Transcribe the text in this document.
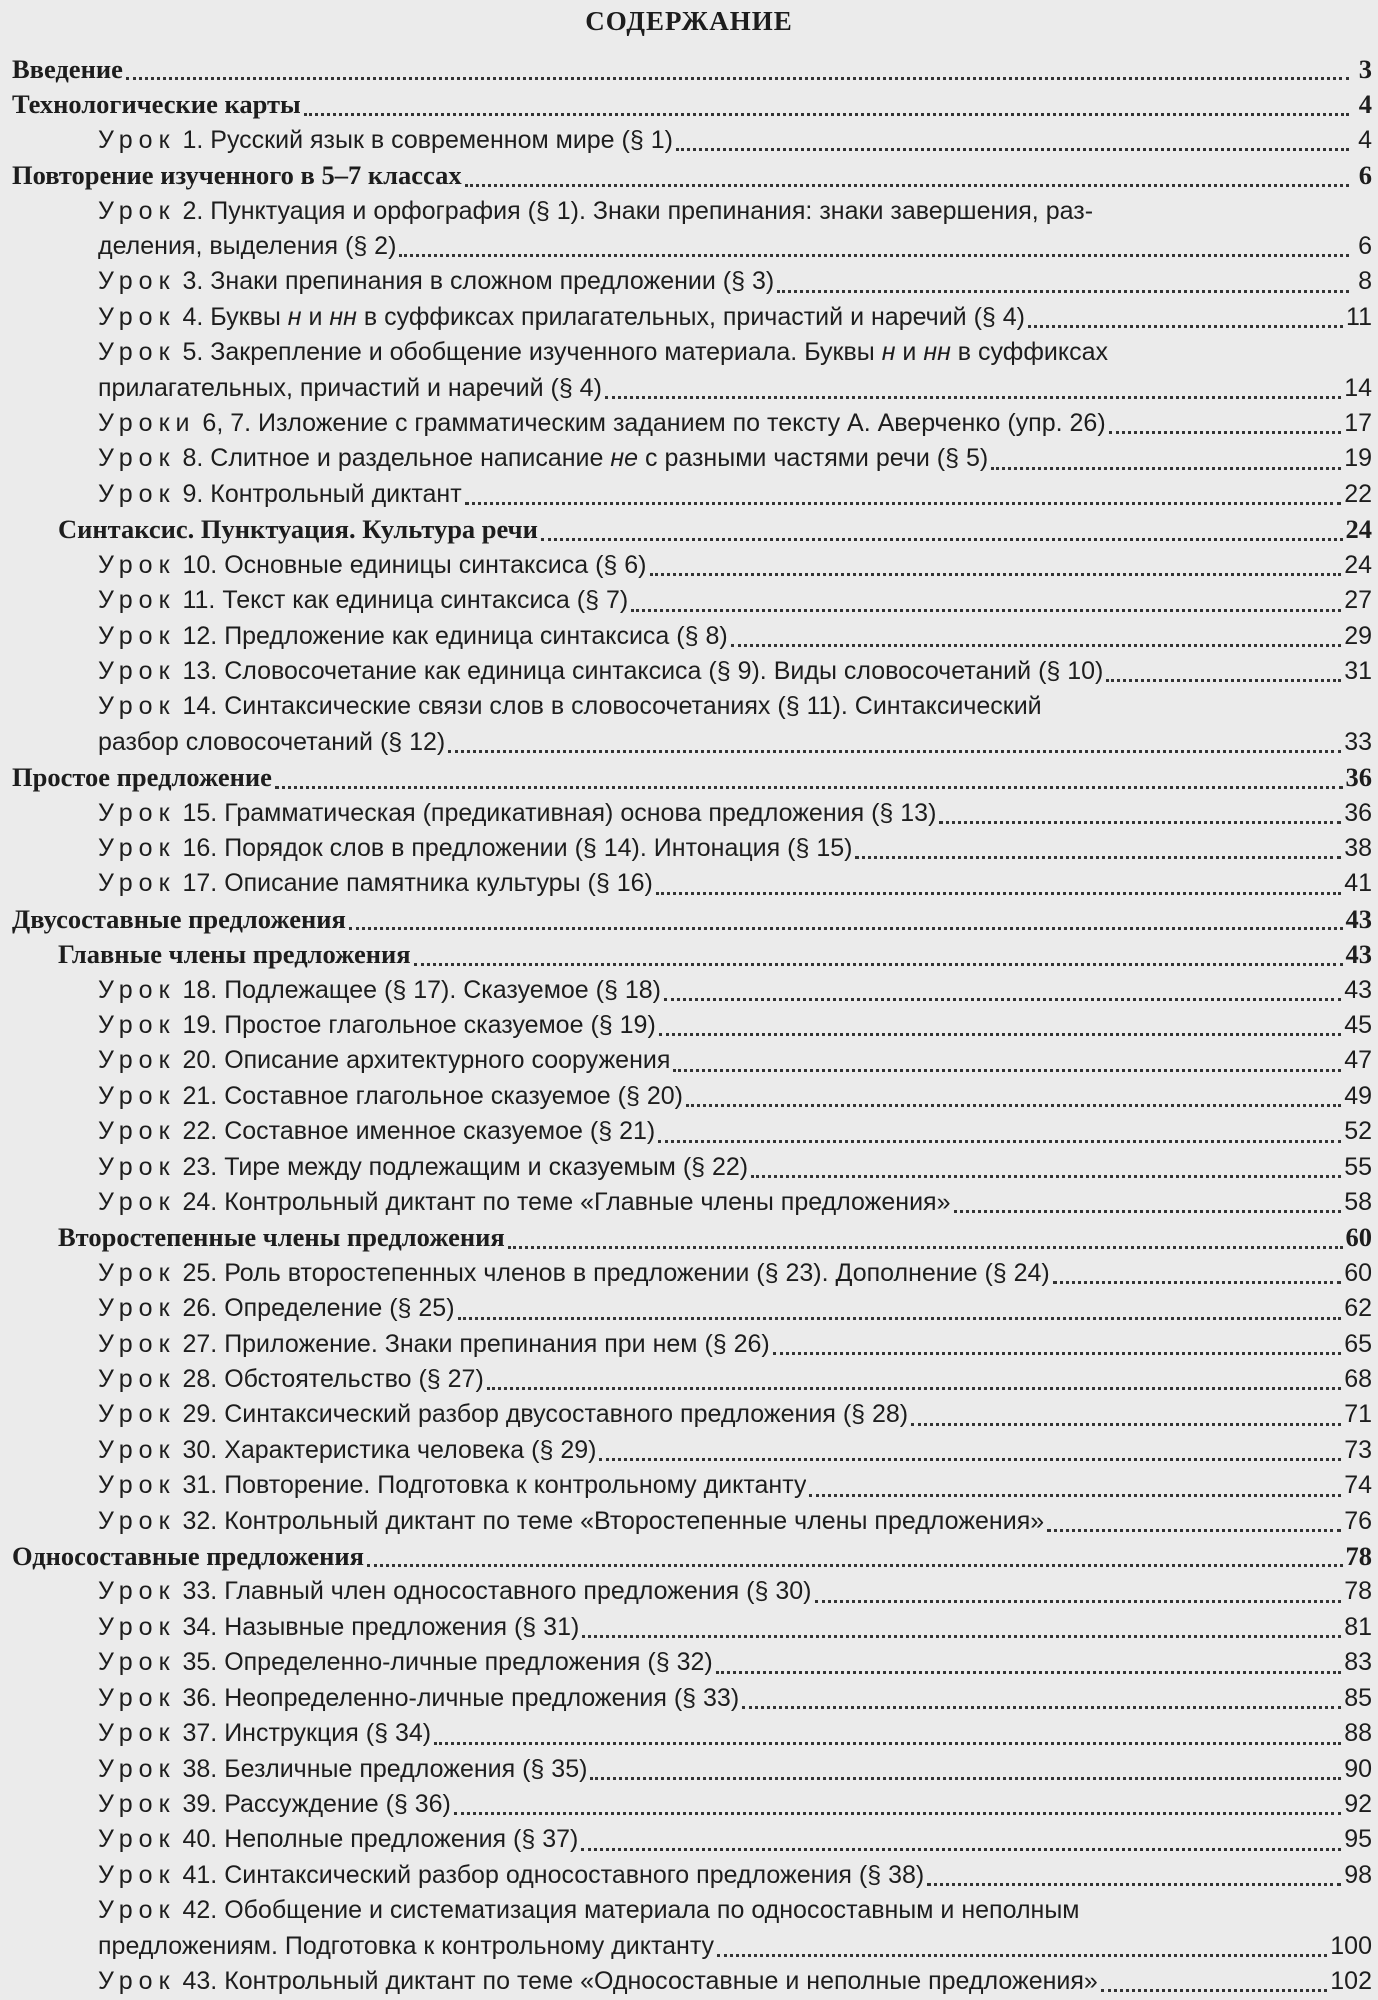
СОДЕРЖАНИЕ
Введение	3
Технологические карты	4
Урок 1. Русский язык в современном мире (§ 1)	4
Повторение изученного в 5–7 классах	6
Урок 2. Пунктуация и орфография (§ 1). Знаки препинания: знаки завершения, раз-
деления, выделения (§ 2)	6
Урок 3. Знаки препинания в сложном предложении (§ 3)	8
Урок 4. Буквы н и нн в суффиксах прилагательных, причастий и наречий (§ 4)	11
Урок 5. Закрепление и обобщение изученного материала. Буквы н и нн в суффиксах
прилагательных, причастий и наречий (§ 4)	14
Уроки 6, 7. Изложение с грамматическим заданием по тексту А. Аверченко (упр. 26)	17
Урок 8. Слитное и раздельное написание не с разными частями речи (§ 5)	19
Урок 9. Контрольный диктант	22
Синтаксис. Пунктуация. Культура речи	24
Урок 10. Основные единицы синтаксиса (§ 6)	24
Урок 11. Текст как единица синтаксиса (§ 7)	27
Урок 12. Предложение как единица синтаксиса (§ 8)	29
Урок 13. Словосочетание как единица синтаксиса (§ 9). Виды словосочетаний (§ 10)	31
Урок 14. Синтаксические связи слов в словосочетаниях (§ 11). Синтаксический
разбор словосочетаний (§ 12)	33
Простое предложение	36
Урок 15. Грамматическая (предикативная) основа предложения (§ 13)	36
Урок 16. Порядок слов в предложении (§ 14). Интонация (§ 15)	38
Урок 17. Описание памятника культуры (§ 16)	41
Двусоставные предложения	43
Главные члены предложения	43
Урок 18. Подлежащее (§ 17). Сказуемое (§ 18)	43
Урок 19. Простое глагольное сказуемое (§ 19)	45
Урок 20. Описание архитектурного сооружения	47
Урок 21. Составное глагольное сказуемое (§ 20)	49
Урок 22. Составное именное сказуемое (§ 21)	52
Урок 23. Тире между подлежащим и сказуемым (§ 22)	55
Урок 24. Контрольный диктант по теме «Главные члены предложения»	58
Второстепенные члены предложения	60
Урок 25. Роль второстепенных членов в предложении (§ 23). Дополнение (§ 24)	60
Урок 26. Определение (§ 25)	62
Урок 27. Приложение. Знаки препинания при нем (§ 26)	65
Урок 28. Обстоятельство (§ 27)	68
Урок 29. Синтаксический разбор двусоставного предложения (§ 28)	71
Урок 30. Характеристика человека (§ 29)	73
Урок 31. Повторение. Подготовка к контрольному диктанту	74
Урок 32. Контрольный диктант по теме «Второстепенные члены предложения»	76
Односоставные предложения	78
Урок 33. Главный член односоставного предложения (§ 30)	78
Урок 34. Назывные предложения (§ 31)	81
Урок 35. Определенно-личные предложения (§ 32)	83
Урок 36. Неопределенно-личные предложения (§ 33)	85
Урок 37. Инструкция (§ 34)	88
Урок 38. Безличные предложения (§ 35)	90
Урок 39. Рассуждение (§ 36)	92
Урок 40. Неполные предложения (§ 37)	95
Урок 41. Синтаксический разбор односоставного предложения (§ 38)	98
Урок 42. Обобщение и систематизация материала по односоставным и неполным
предложениям. Подготовка к контрольному диктанту	100
Урок 43. Контрольный диктант по теме «Односоставные и неполные предложения»	102
